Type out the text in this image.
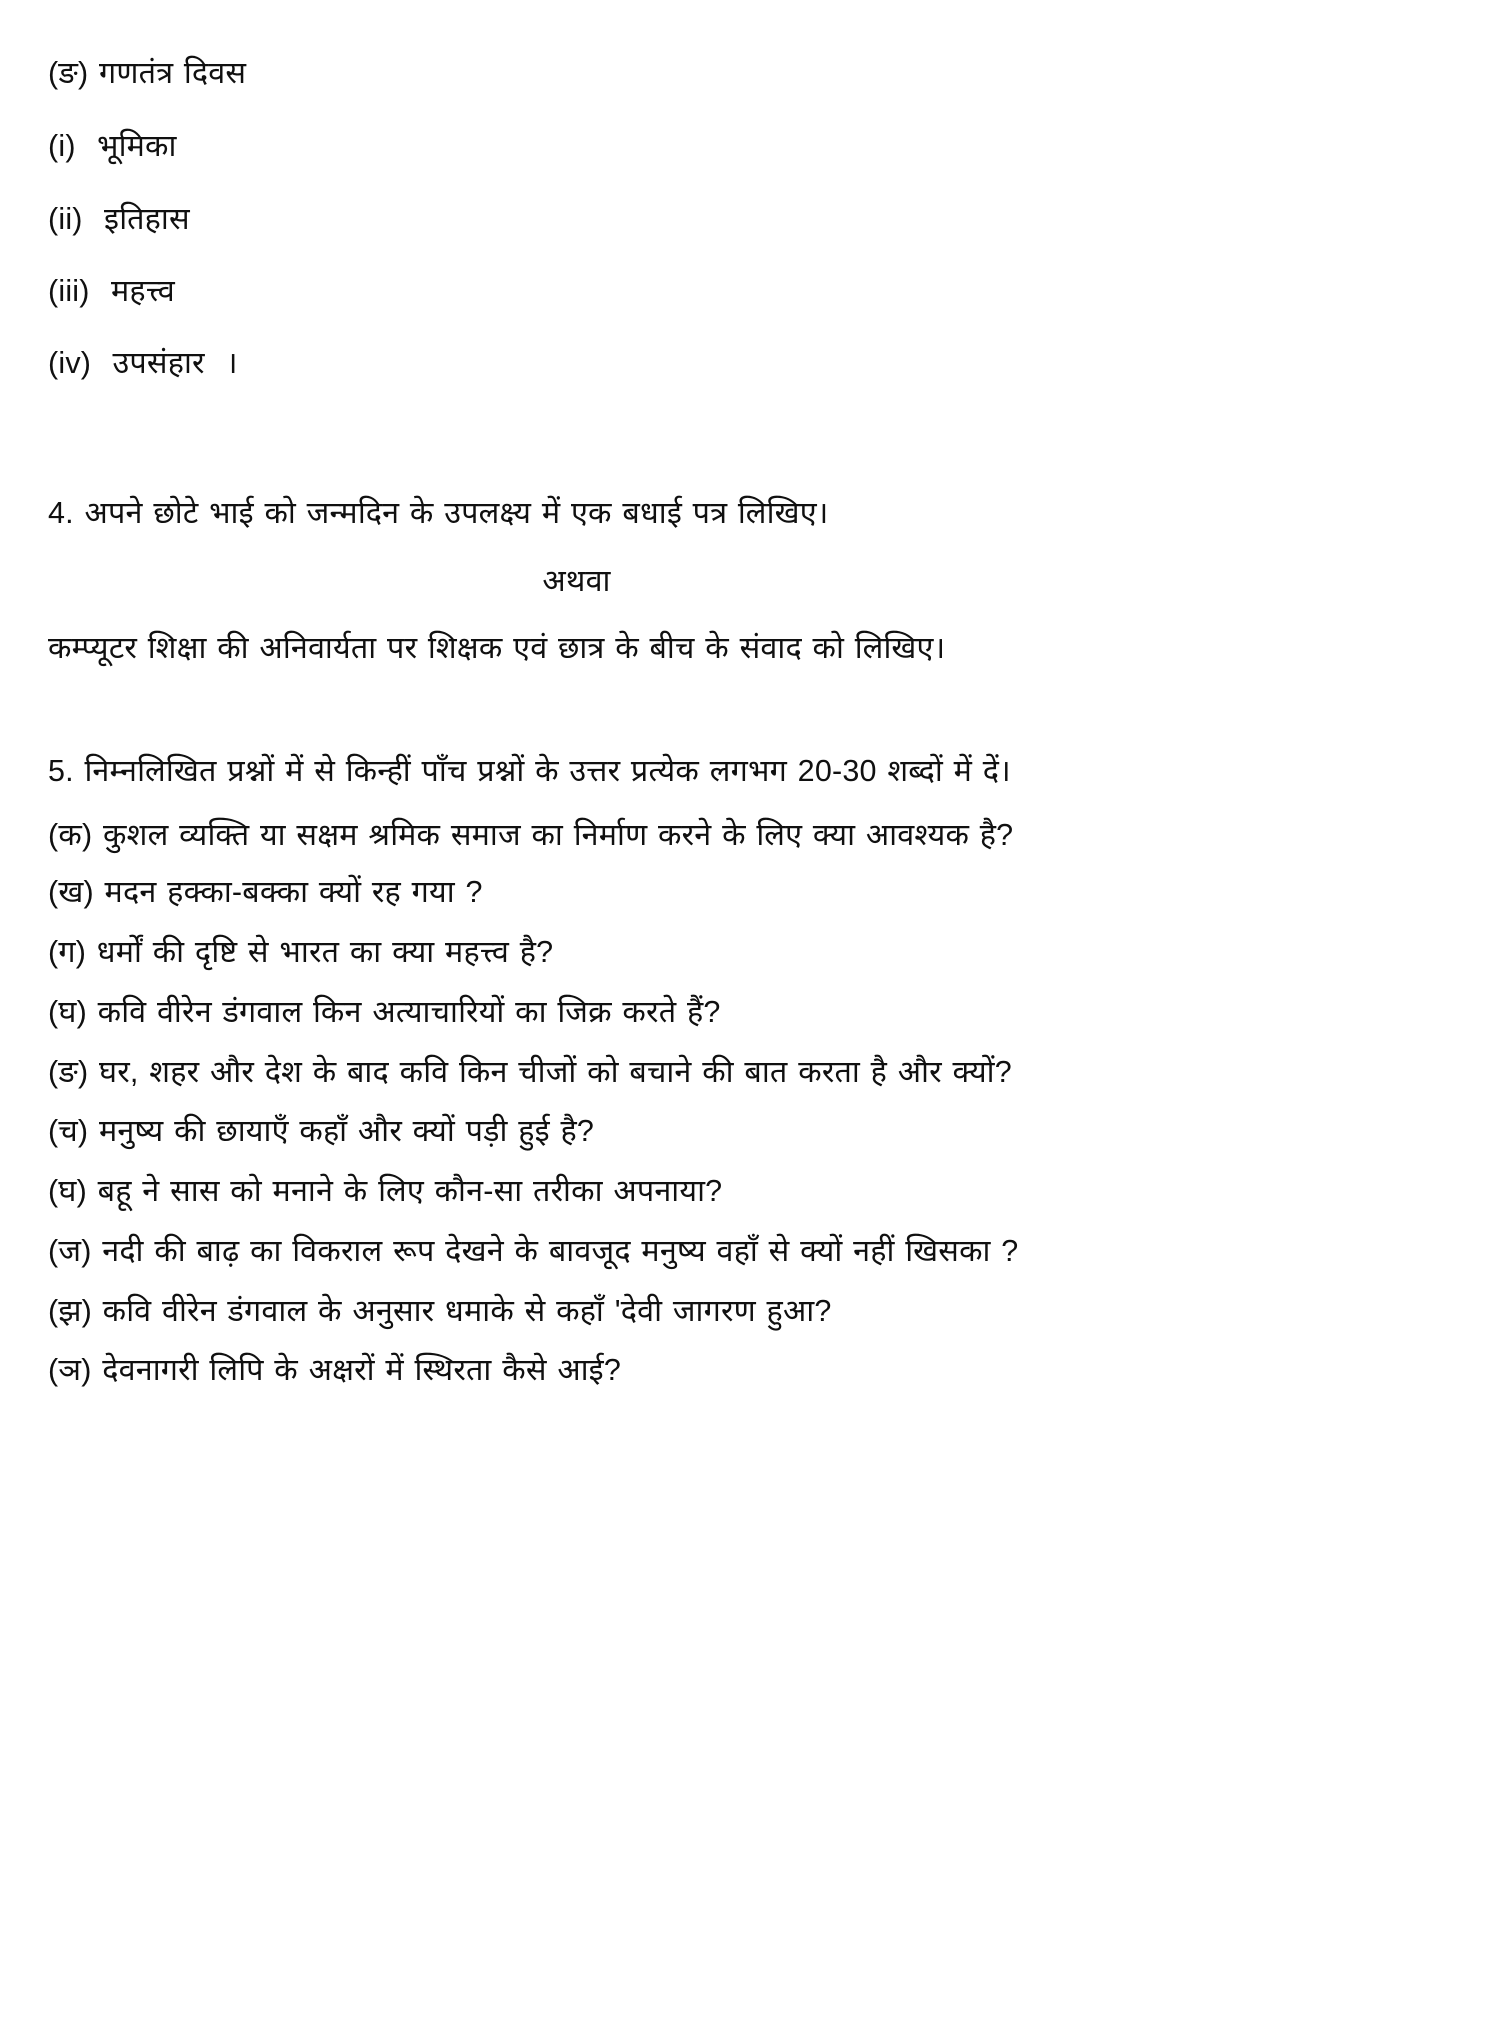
(ङ) गणतंत्र दिवस
(i)  भूमिका
(ii)  इतिहास
(iii)  महत्त्व
(iv)  उपसंहार  ।
4. अपने छोटे भाई को जन्मदिन के उपलक्ष्य में एक बधाई पत्र लिखिए।
अथवा
कम्प्यूटर शिक्षा की अनिवार्यता पर शिक्षक एवं छात्र के बीच के संवाद को लिखिए।
5. निम्नलिखित प्रश्नों में से किन्हीं पाँच प्रश्नों के उत्तर प्रत्येक लगभग 20-30 शब्दों में दें।
(क) कुशल व्यक्ति या सक्षम श्रमिक समाज का निर्माण करने के लिए क्या आवश्यक है?
(ख) मदन हक्का-बक्का क्यों रह गया ?
(ग) धर्मों की दृष्टि से भारत का क्या महत्त्व है?
(घ) कवि वीरेन डंगवाल किन अत्याचारियों का जिक्र करते हैं?
(ङ) घर, शहर और देश के बाद कवि किन चीजों को बचाने की बात करता है और क्यों?
(च) मनुष्य की छायाएँ कहाँ और क्यों पड़ी हुई है?
(घ) बहू ने सास को मनाने के लिए कौन-सा तरीका अपनाया?
(ज) नदी की बाढ़ का विकराल रूप देखने के बावजूद मनुष्य वहाँ से क्यों नहीं खिसका ?
(झ) कवि वीरेन डंगवाल के अनुसार धमाके से कहाँ 'देवी जागरण हुआ?
(ञ) देवनागरी लिपि के अक्षरों में स्थिरता कैसे आई?
